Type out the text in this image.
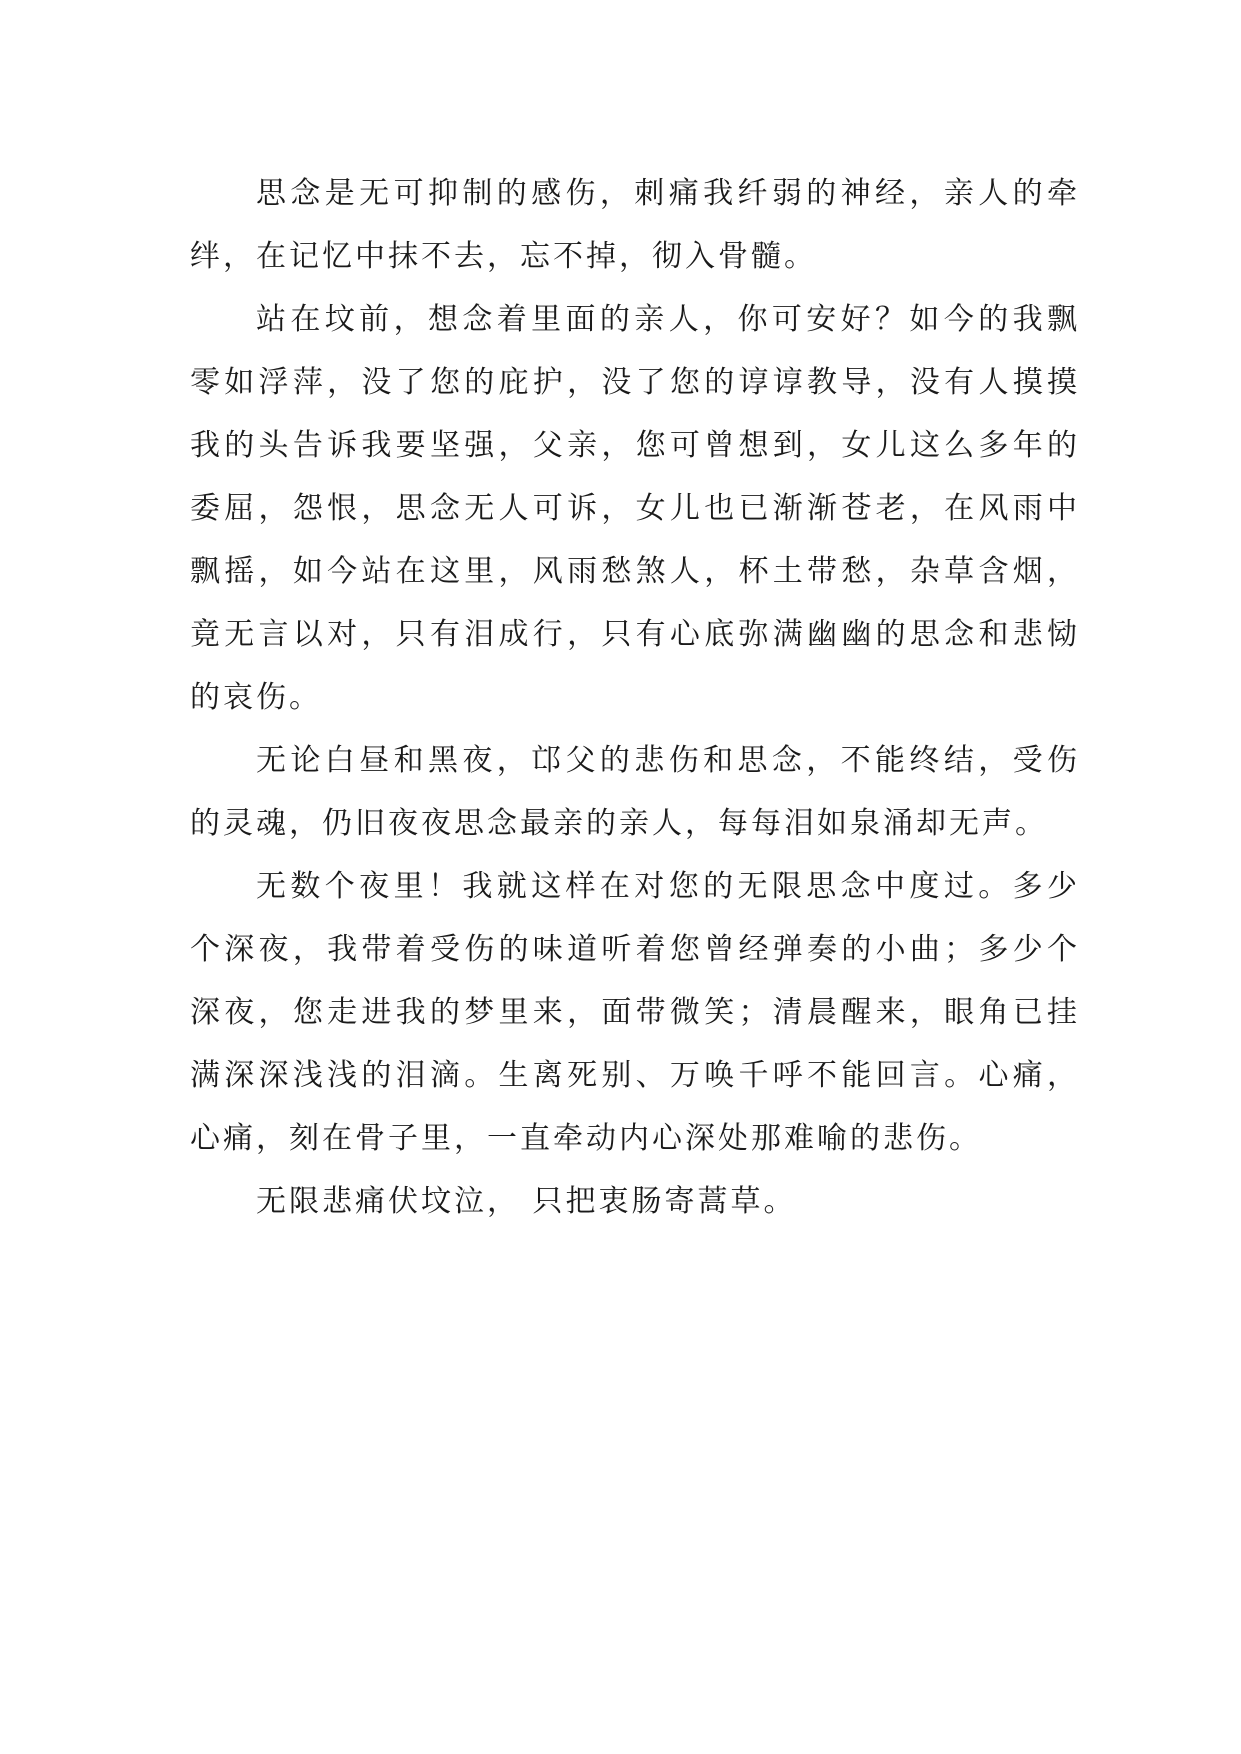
思念是无可抑制的感伤，刺痛我纤弱的神经，亲人的牵绊，在记忆中抹不去，忘不掉，彻入骨髓。

站在坟前，想念着里面的亲人，你可安好？如今的我飘零如浮萍，没了您的庇护，没了您的谆谆教导，没有人摸摸我的头告诉我要坚强，父亲，您可曾想到，女儿这么多年的委屈，怨恨，思念无人可诉，女儿也已渐渐苍老，在风雨中飘摇，如今站在这里，风雨愁煞人，杯土带愁，杂草含烟，竟无言以对，只有泪成行，只有心底弥满幽幽的思念和悲恸的哀伤。

无论白昼和黑夜，邙父的悲伤和思念，不能终结，受伤的灵魂，仍旧夜夜思念最亲的亲人，每每泪如泉涌却无声。

无数个夜里！我就这样在对您的无限思念中度过。多少个深夜，我带着受伤的味道听着您曾经弹奏的小曲；多少个深夜，您走进我的梦里来，面带微笑；清晨醒来，眼角已挂满深深浅浅的泪滴。生离死别、万唤千呼不能回言。心痛，心痛，刻在骨子里，一直牵动内心深处那难喻的悲伤。

无限悲痛伏坟泣， 只把衷肠寄蒿草。
